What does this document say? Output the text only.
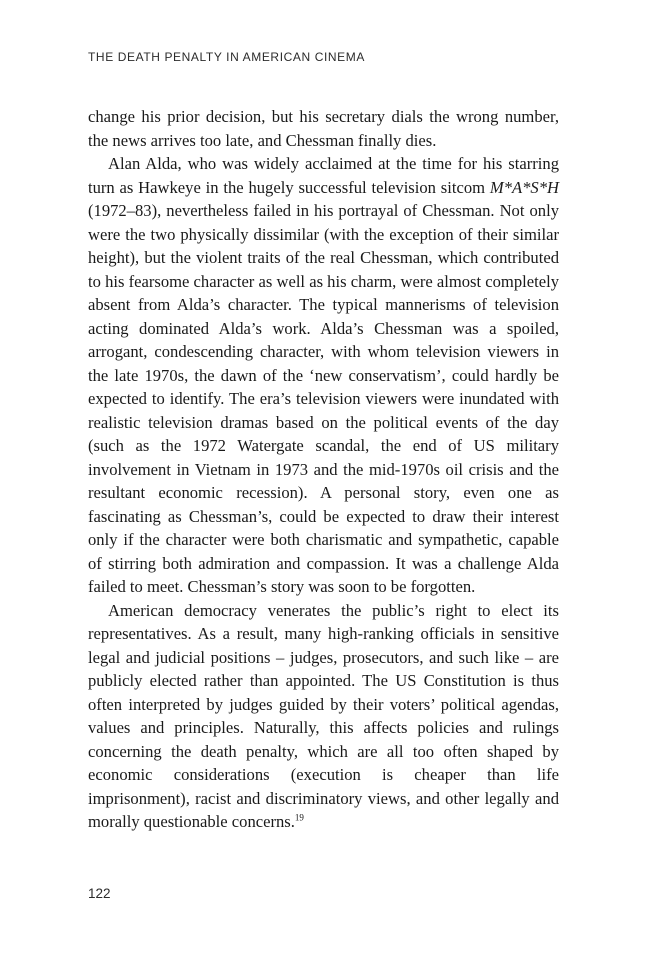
THE DEATH PENALTY IN AMERICAN CINEMA

change his prior decision, but his secretary dials the wrong number, the news arrives too late, and Chessman finally dies.

Alan Alda, who was widely acclaimed at the time for his starring turn as Hawkeye in the hugely successful television sitcom M*A*S*H (1972–83), nevertheless failed in his portrayal of Chessman. Not only were the two physically dissimilar (with the exception of their similar height), but the violent traits of the real Chessman, which contributed to his fearsome character as well as his charm, were almost completely absent from Alda’s character. The typical mannerisms of television acting dominated Alda’s work. Alda’s Chessman was a spoiled, arrogant, condescending character, with whom television viewers in the late 1970s, the dawn of the ‘new conservatism’, could hardly be expected to identify. The era’s television viewers were inundated with realistic television dramas based on the political events of the day (such as the 1972 Watergate scandal, the end of US military involvement in Vietnam in 1973 and the mid-1970s oil crisis and the resultant economic recession). A personal story, even one as fascinating as Chessman’s, could be expected to draw their interest only if the character were both charismatic and sympathetic, capable of stirring both admiration and compassion. It was a challenge Alda failed to meet. Chessman’s story was soon to be forgotten.

American democracy venerates the public’s right to elect its representatives. As a result, many high-ranking officials in sensitive legal and judicial positions – judges, prosecutors, and such like – are publicly elected rather than appointed. The US Constitution is thus often interpreted by judges guided by their voters’ political agendas, values and principles. Naturally, this affects policies and rulings concerning the death penalty, which are all too often shaped by economic considerations (execution is cheaper than life imprisonment), racist and discriminatory views, and other legally and morally questionable concerns.$^{19}$

122
